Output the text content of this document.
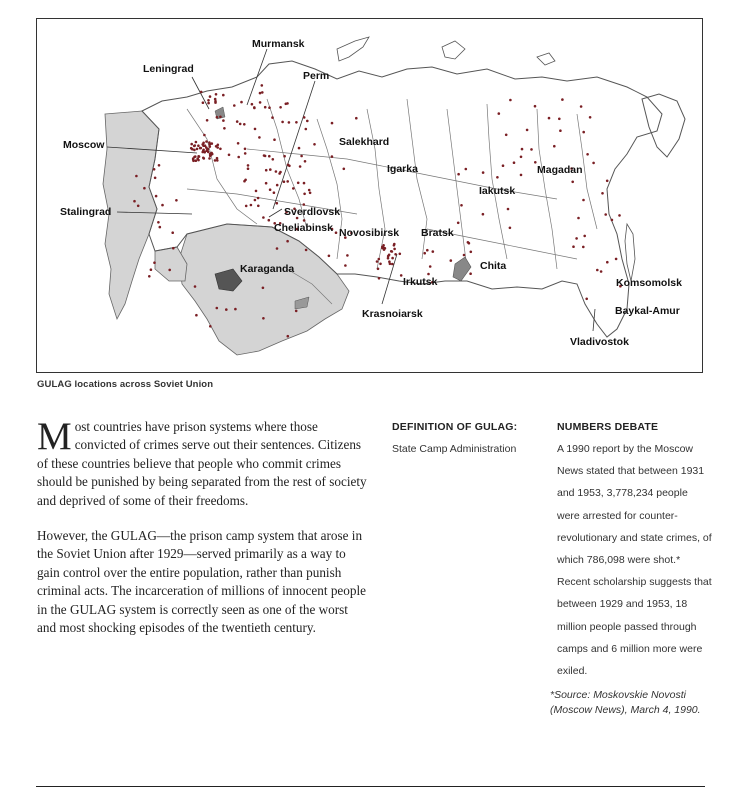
Murmansk
Leningrad
Perm
Moscow	Salekhard
Igarka	Magadan
Iakutsk
Stalingrad	Sverdlovsk
Cheliabinsk Novosibirsk Bratsk
Karaganda	Chita
Irkutsk	Komsomolsk
Baykal-Amur
Krasnoiarsk
Vladivostok
GULAG locations across Soviet Union

Most countries have prison systems where those convicted of crimes serve out their sentences. Citizens of these countries believe that people who commit crimes should be punished by being separated from the rest of society and deprived of some of their freedoms.

However, the GULAG—the prison camp system that arose in the Soviet Union after 1929—served primarily as a way to gain control over the entire population, rather than punish criminal acts. The incarceration of millions of innocent people in the GULAG system is correctly seen as one of the worst and most shocking episodes of the twentieth century.

DEFINITION OF GULAG:
State Camp Administration
NUMBERS DEBATE
A 1990 report by the Moscow News stated that between 1931 and 1953, 3,778,234 people were arrested for counter-revolutionary and state crimes, of which 786,098 were shot.* Recent scholarship suggests that between 1929 and 1953, 18 million people passed through camps and 6 million more were exiled.
*Source: Moskovskie Novosti (Moscow News), March 4, 1990.
